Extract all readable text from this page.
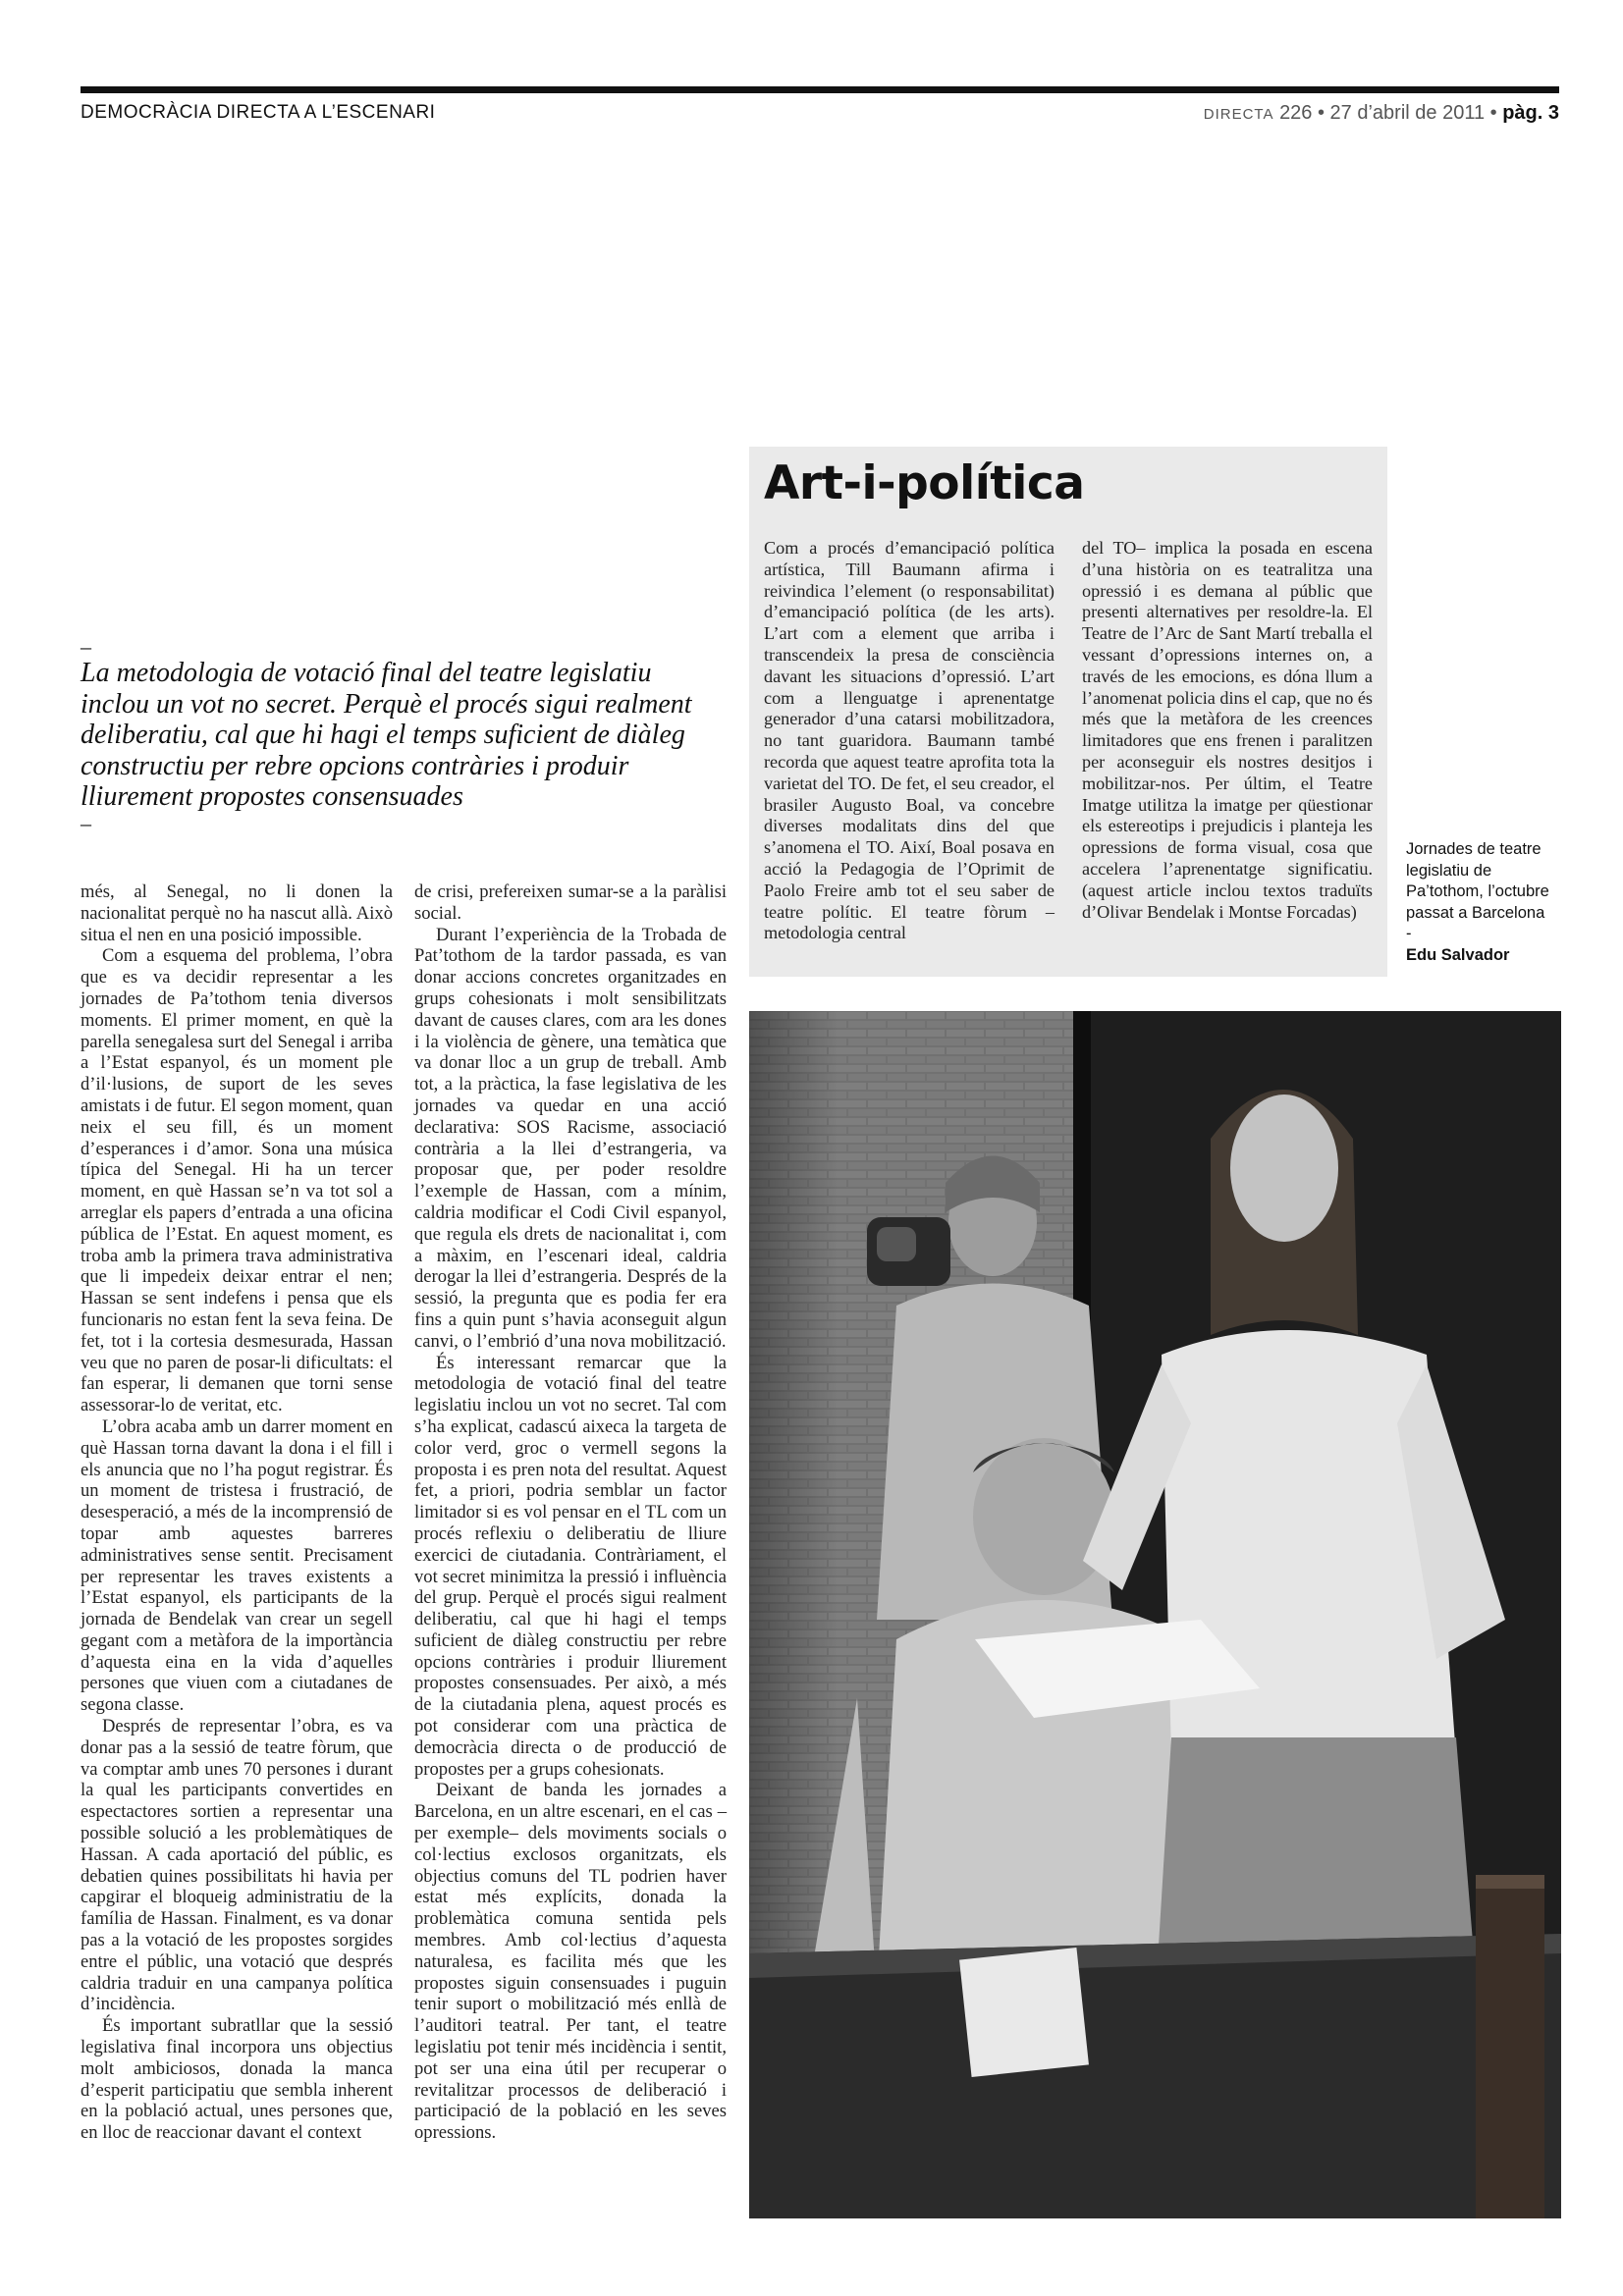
DEMOCRÀCIA DIRECTA A L’ESCENARI	DIRECTA 226 • 27 d’abril de 2011 • pàg. 3
Art-i-política

Com a procés d’emancipació política artística, Till Baumann afirma i reivindica l’element (o responsabilitat) d’emancipació política (de les arts). L’art com a element que arriba i transcendeix la presa de consciència davant les situacions d’opressió. L’art com a llenguatge i aprenentatge generador d’una catarsi mobilitzadora, no tant guaridora. Baumann també recorda que aquest teatre aprofita tota la varietat del TO. De fet, el seu creador, el brasiler Augusto Boal, va concebre diverses modalitats dins del que s’anomena el TO. Així, Boal posava en acció la Pedagogia de l’Oprimit de Paolo Freire amb tot el seu saber de teatre polític. El teatre fòrum –metodologia central

del TO– implica la posada en escena d’una història on es teatralitza una opressió i es demana al públic que presenti alternatives per resoldre-la. El Teatre de l’Arc de Sant Martí treballa el vessant d’opressions internes on, a través de les emocions, es dóna llum a l’anomenat policia dins el cap, que no és més que la metàfora de les creences limitadores que ens frenen i paralitzen per aconseguir els nostres desitjos i mobilitzar-nos. Per últim, el Teatre Imatge utilitza la imatge per qüestionar els estereotips i prejudicis i planteja les opressions de forma visual, cosa que accelera l’aprenentatge significatiu. (aquest article inclou textos traduïts d’Olivar Bendelak i Montse Forcadas)

–
La metodologia de votació final del teatre legislatiu inclou un vot no secret. Perquè el procés sigui realment deliberatiu, cal que hi hagi el temps suficient de diàleg constructiu per rebre opcions contràries i produir lliurement propostes consensuades
–

més, al Senegal, no li donen la nacionalitat perquè no ha nascut allà. Això situa el nen en una posició impossible.

Com a esquema del problema, l’obra que es va decidir representar a les jornades de Pa’tothom tenia diversos moments. El primer moment, en què la parella senegalesa surt del Senegal i arriba a l’Estat espanyol, és un moment ple d’il·lusions, de suport de les seves amistats i de futur. El segon moment, quan neix el seu fill, és un moment d’esperances i d’amor. Sona una música típica del Senegal. Hi ha un tercer moment, en què Hassan se’n va tot sol a arreglar els papers d’entrada a una oficina pública de l’Estat. En aquest moment, es troba amb la primera trava administrativa que li impedeix deixar entrar el nen; Hassan se sent indefens i pensa que els funcionaris no estan fent la seva feina. De fet, tot i la cortesia desmesurada, Hassan veu que no paren de posar-li dificultats: el fan esperar, li demanen que torni sense assessorar-lo de veritat, etc.

L’obra acaba amb un darrer moment en què Hassan torna davant la dona i el fill i els anuncia que no l’ha pogut registrar. És un moment de tristesa i frustració, de desesperació, a més de la incomprensió de topar amb aquestes barreres administratives sense sentit. Precisament per representar les traves existents a l’Estat espanyol, els participants de la jornada de Bendelak van crear un segell gegant com a metàfora de la importància d’aquesta eina en la vida d’aquelles persones que viuen com a ciutadanes de segona classe.

Després de representar l’obra, es va donar pas a la sessió de teatre fòrum, que va comptar amb unes 70 persones i durant la qual les participants convertides en espectactores sortien a representar una possible solució a les problemàtiques de Hassan. A cada aportació del públic, es debatien quines possibilitats hi havia per capgirar el bloqueig administratiu de la família de Hassan. Finalment, es va donar pas a la votació de les propostes sorgides entre el públic, una votació que després caldria traduir en una campanya política d’incidència.

És important subratllar que la sessió legislativa final incorpora uns objectius molt ambiciosos, donada la manca d’esperit participatiu que sembla inherent en la població actual, unes persones que, en lloc de reaccionar davant el context

de crisi, prefereixen sumar-se a la paràlisi social.

Durant l’experiència de la Trobada de Pat’tothom de la tardor passada, es van donar accions concretes organitzades en grups cohesionats i molt sensibilitzats davant de causes clares, com ara les dones i la violència de gènere, una temàtica que va donar lloc a un grup de treball. Amb tot, a la pràctica, la fase legislativa de les jornades va quedar en una acció declarativa: SOS Racisme, associació contrària a la llei d’estrangeria, va proposar que, per poder resoldre l’exemple de Hassan, com a mínim, caldria modificar el Codi Civil espanyol, que regula els drets de nacionalitat i, com a màxim, en l’escenari ideal, caldria derogar la llei d’estrangeria. Després de la sessió, la pregunta que es podia fer era fins a quin punt s’havia aconseguit algun canvi, o l’embrió d’una nova mobilització.

És interessant remarcar que la metodologia de votació final del teatre legislatiu inclou un vot no secret. Tal com s’ha explicat, cadascú aixeca la targeta de color verd, groc o vermell segons la proposta i es pren nota del resultat. Aquest fet, a priori, podria semblar un factor limitador si es vol pensar en el TL com un procés reflexiu o deliberatiu de lliure exercici de ciutadania. Contràriament, el vot secret minimitza la pressió i influència del grup. Perquè el procés sigui realment deliberatiu, cal que hi hagi el temps suficient de diàleg constructiu per rebre opcions contràries i produir lliurement propostes consensuades. Per això, a més de la ciutadania plena, aquest procés es pot considerar com una pràctica de democràcia directa o de producció de propostes per a grups cohesionats.

Deixant de banda les jornades a Barcelona, en un altre escenari, en el cas –per exemple– dels moviments socials o col·lectius exclosos organitzats, els objectius comuns del TL podrien haver estat més explícits, donada la problemàtica comuna sentida pels membres. Amb col·lectius d’aquesta naturalesa, es facilita més que les propostes siguin consensuades i puguin tenir suport o mobilització més enllà de l’auditori teatral. Per tant, el teatre legislatiu pot tenir més incidència i sentit, pot ser una eina útil per recuperar o revitalitzar processos de deliberació i participació de la població en les seves opressions.

Jornades de teatre legislatiu de Pa’tothom, l’octubre passat a Barcelona
-
Edu Salvador
